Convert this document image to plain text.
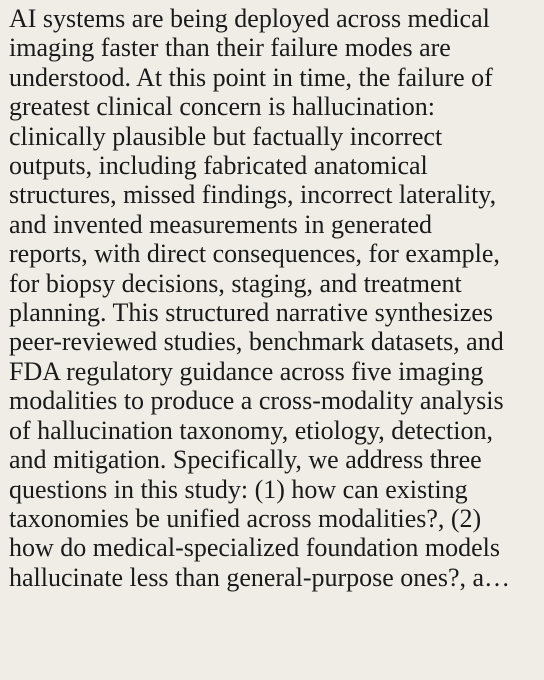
AI systems are being deployed across medical
imaging faster than their failure modes are
understood. At this point in time, the failure of
greatest clinical concern is hallucination:
clinically plausible but factually incorrect
outputs, including fabricated anatomical
structures, missed findings, incorrect laterality,
and invented measurements in generated
reports, with direct consequences, for example,
for biopsy decisions, staging, and treatment
planning. This structured narrative synthesizes
peer-reviewed studies, benchmark datasets, and
FDA regulatory guidance across five imaging
modalities to produce a cross-modality analysis
of hallucination taxonomy, etiology, detection,
and mitigation. Specifically, we address three
questions in this study: (1) how can existing
taxonomies be unified across modalities?, (2)
how do medical-specialized foundation models
hallucinate less than general-purpose ones?, a…
